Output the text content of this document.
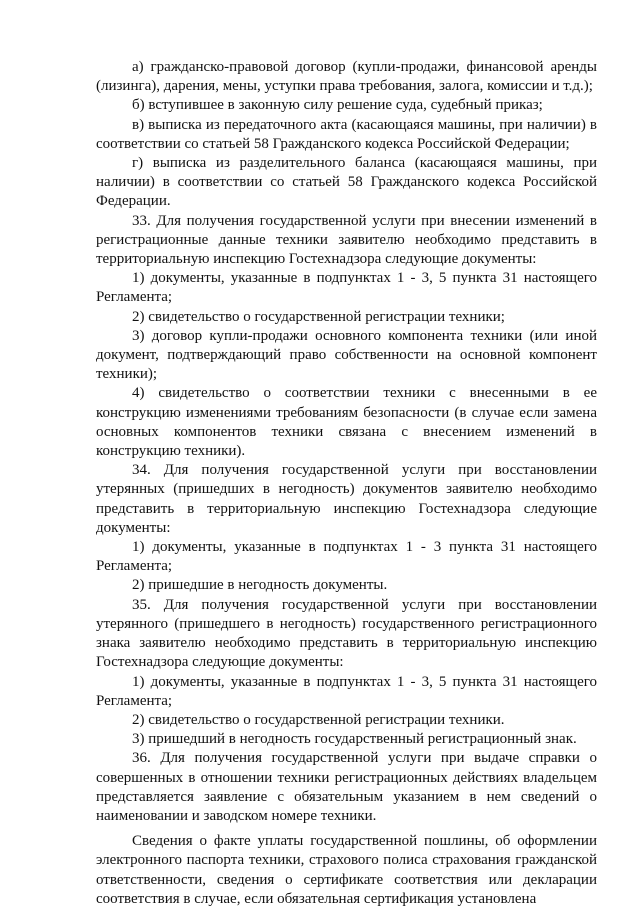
а) гражданско-правовой договор (купли-продажи, финансовой аренды (лизинга), дарения, мены, уступки права требования, залога, комиссии и т.д.);

б) вступившее в законную силу решение суда, судебный приказ;

в) выписка из передаточного акта (касающаяся машины, при наличии) в соответствии со статьей 58 Гражданского кодекса Российской Федерации;

г) выписка из разделительного баланса (касающаяся машины, при наличии) в соответствии со статьей 58 Гражданского кодекса Российской Федерации.

33. Для получения государственной услуги при внесении изменений в регистрационные данные техники заявителю необходимо представить в территориальную инспекцию Гостехнадзора следующие документы:

1) документы, указанные в подпунктах 1 - 3, 5 пункта 31 настоящего Регламента;

2) свидетельство о государственной регистрации техники;

3) договор купли-продажи основного компонента техники (или иной документ, подтверждающий право собственности на основной компонент техники);

4) свидетельство о соответствии техники с внесенными в ее конструкцию изменениями требованиям безопасности (в случае если замена основных компонентов техники связана с внесением изменений в конструкцию техники).

34. Для получения государственной услуги при восстановлении утерянных (пришедших в негодность) документов заявителю необходимо представить в территориальную инспекцию Гостехнадзора следующие документы:

1) документы, указанные в подпунктах 1 - 3 пункта 31 настоящего Регламента;

2) пришедшие в негодность документы.

35. Для получения государственной услуги при восстановлении утерянного (пришедшего в негодность) государственного регистрационного знака заявителю необходимо представить в территориальную инспекцию Гостехнадзора следующие документы:

1) документы, указанные в подпунктах 1 - 3, 5 пункта 31 настоящего Регламента;

2) свидетельство о государственной регистрации техники.

3) пришедший в негодность государственный регистрационный знак.

36. Для получения государственной услуги при выдаче справки о совершенных в отношении техники регистрационных действиях владельцем представляется заявление с обязательным указанием в нем сведений о наименовании и заводском номере техники.

Сведения о факте уплаты государственной пошлины, об оформлении электронного паспорта техники, страхового полиса страхования гражданской ответственности, сведения о сертификате соответствия или декларации соответствия в случае, если обязательная сертификация установлена
